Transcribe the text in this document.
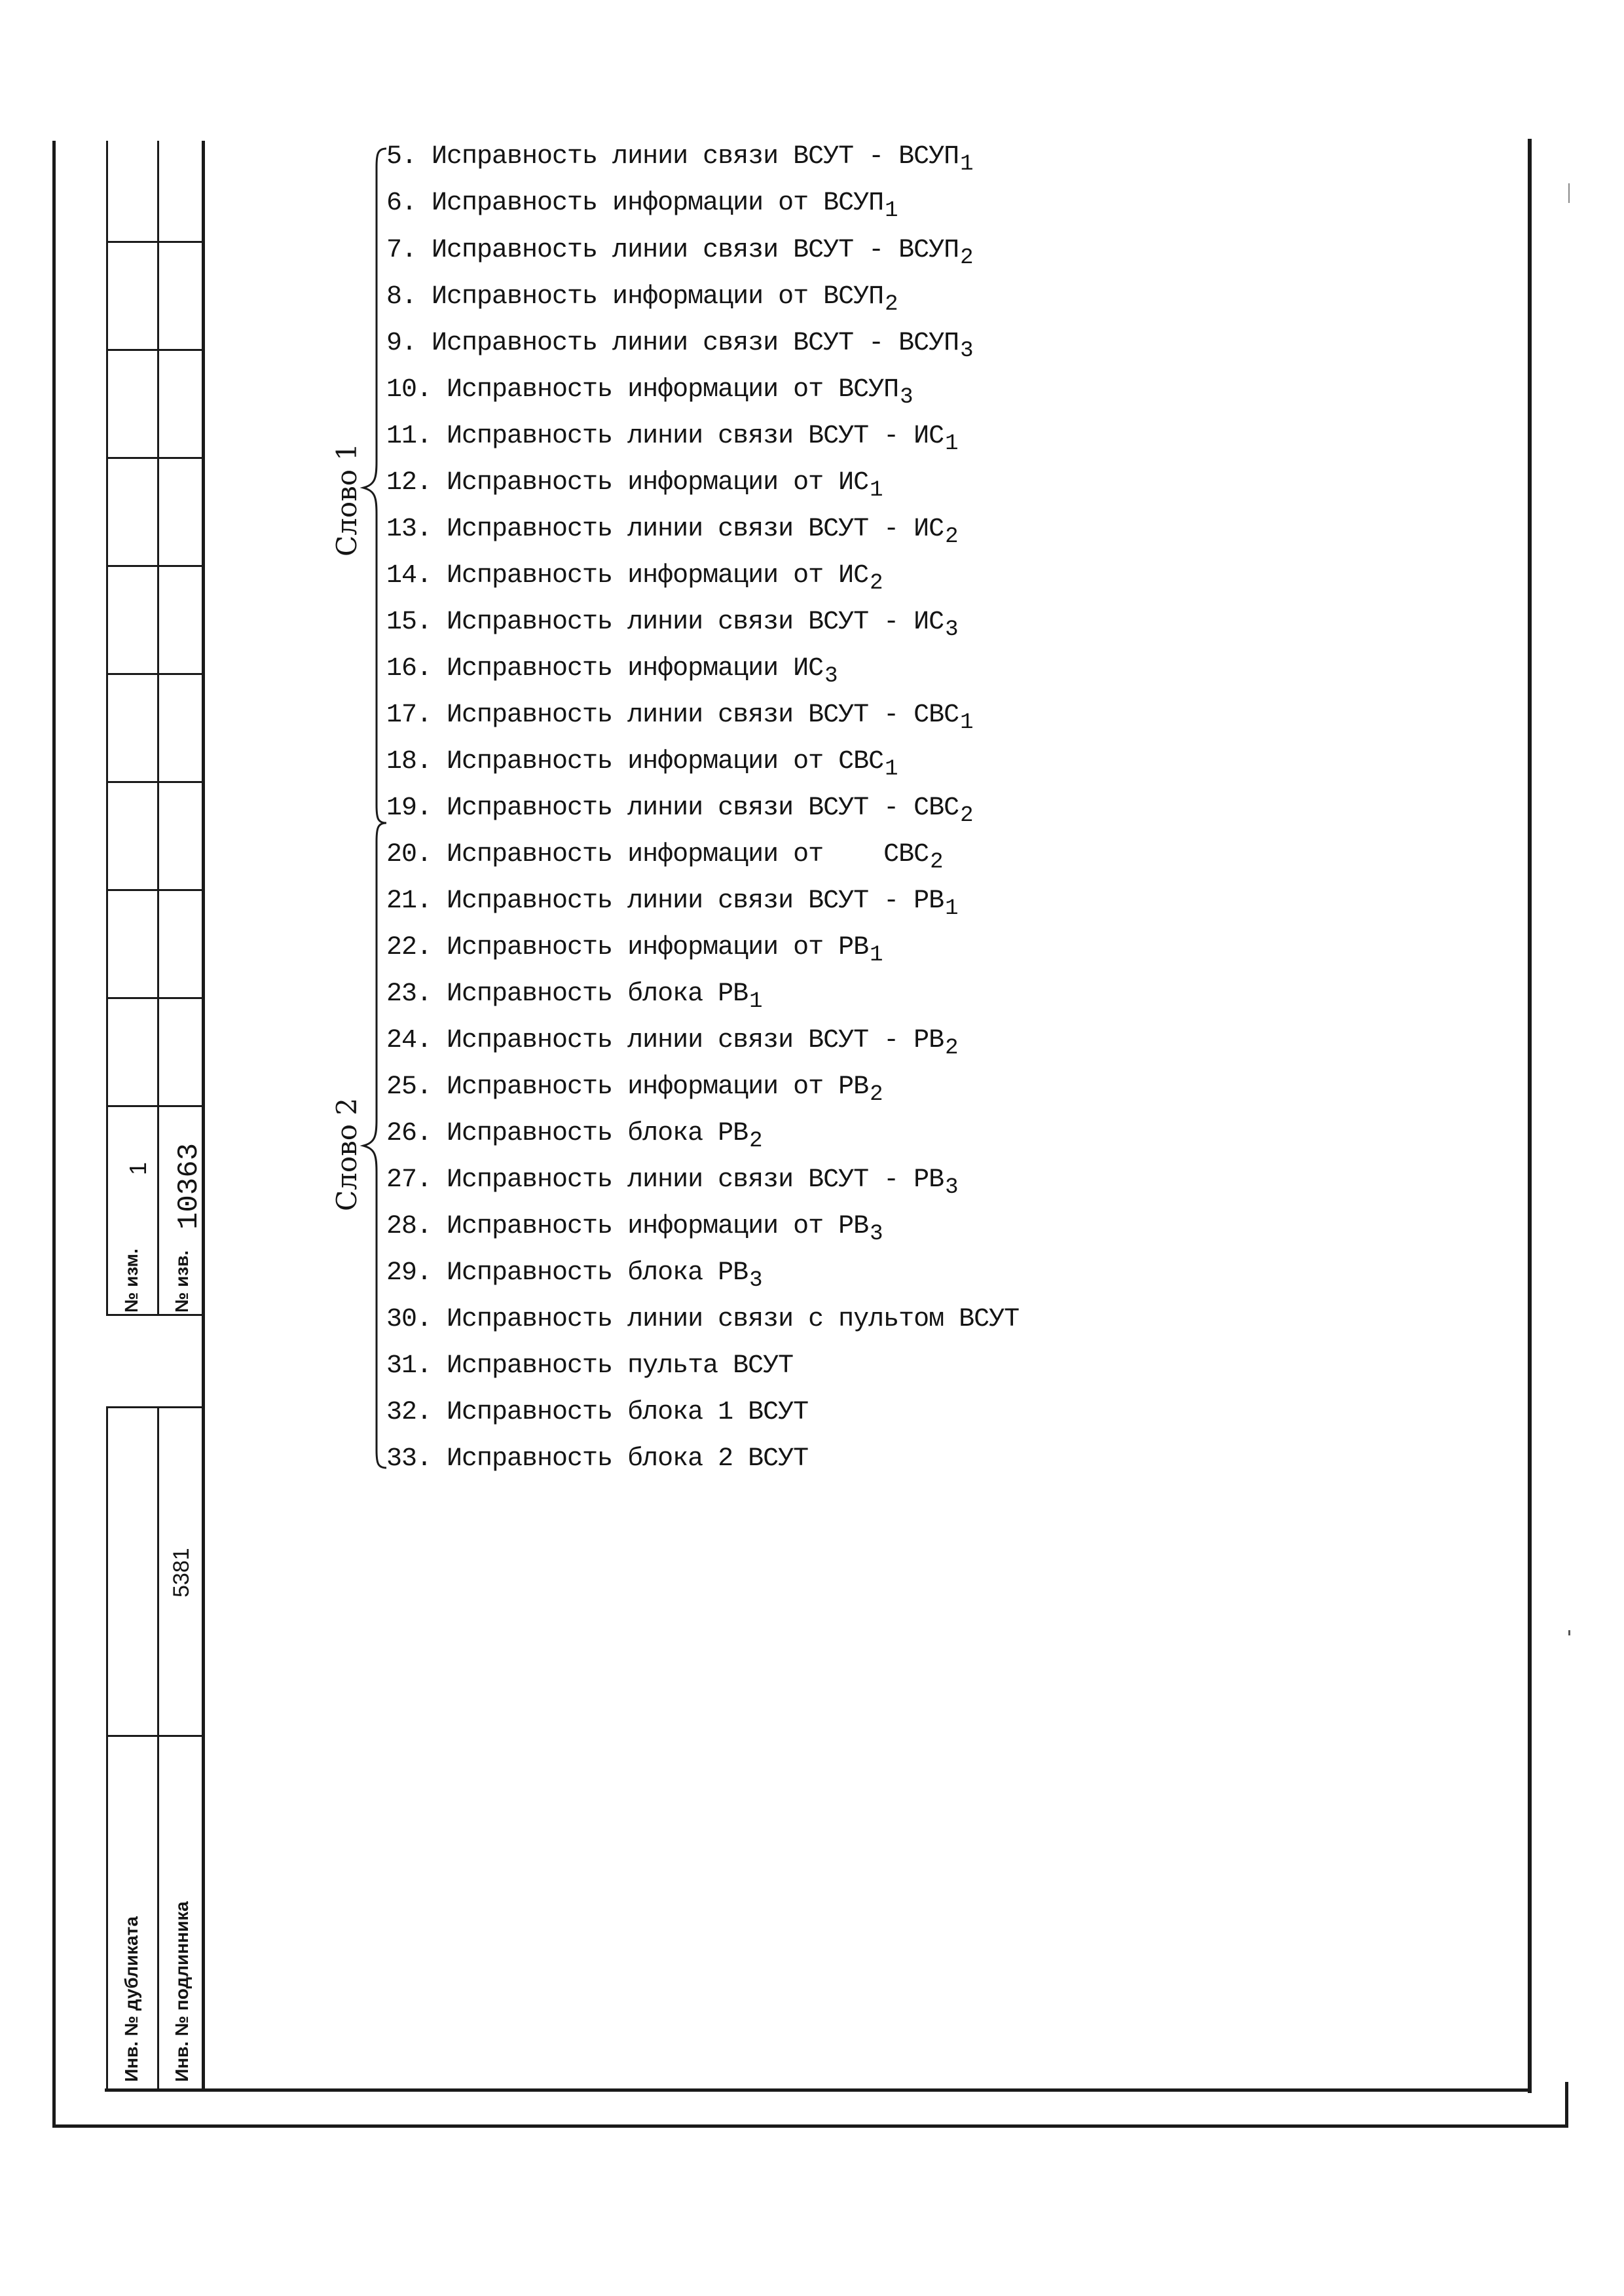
№ изм.
1
№ изв.
10363
Инв. № дубликата Инв. № подлинника
5381
Слово 1
Слово 2
5. Исправность линии связи ВСУТ - $ВСУП_1$
6. Исправность информации от $ВСУП_1$
7. Исправность линии связи ВСУТ - $ВСУП_2$
8. Исправность информации от $ВСУП_2$
9. Исправность линии связи ВСУТ - $ВСУП_3$
10. Исправность информации от $ВСУП_3$
11. Исправность линии связи ВСУТ - $ИС_1$
12. Исправность информации от $ИС_1$
13. Исправность линии связи ВСУТ - $ИС_2$
14. Исправность информации от $ИС_2$
15. Исправность линии связи ВСУТ - $ИС_3$
16. Исправность информации $ИС_3$
17. Исправность линии связи ВСУТ - $СВС_1$
18. Исправность информации от $СВС_1$
19. Исправность линии связи ВСУТ - $СВС_2$
20. Исправность информации от    $СВС_2$
21. Исправность линии связи ВСУТ - $РВ_1$
22. Исправность информации от $РВ_1$
23. Исправность блока $РВ_1$
24. Исправность линии связи ВСУТ - $РВ_2$
25. Исправность информации от $РВ_2$
26. Исправность блока $РВ_2$
27. Исправность линии связи ВСУТ - $РВ_3$
28. Исправность информации от $РВ_3$
29. Исправность блока $РВ_3$
30. Исправность линии связи с пультом ВСУТ
31. Исправность пульта ВСУТ
32. Исправность блока 1 ВСУТ
33. Исправность блока 2 ВСУТ
